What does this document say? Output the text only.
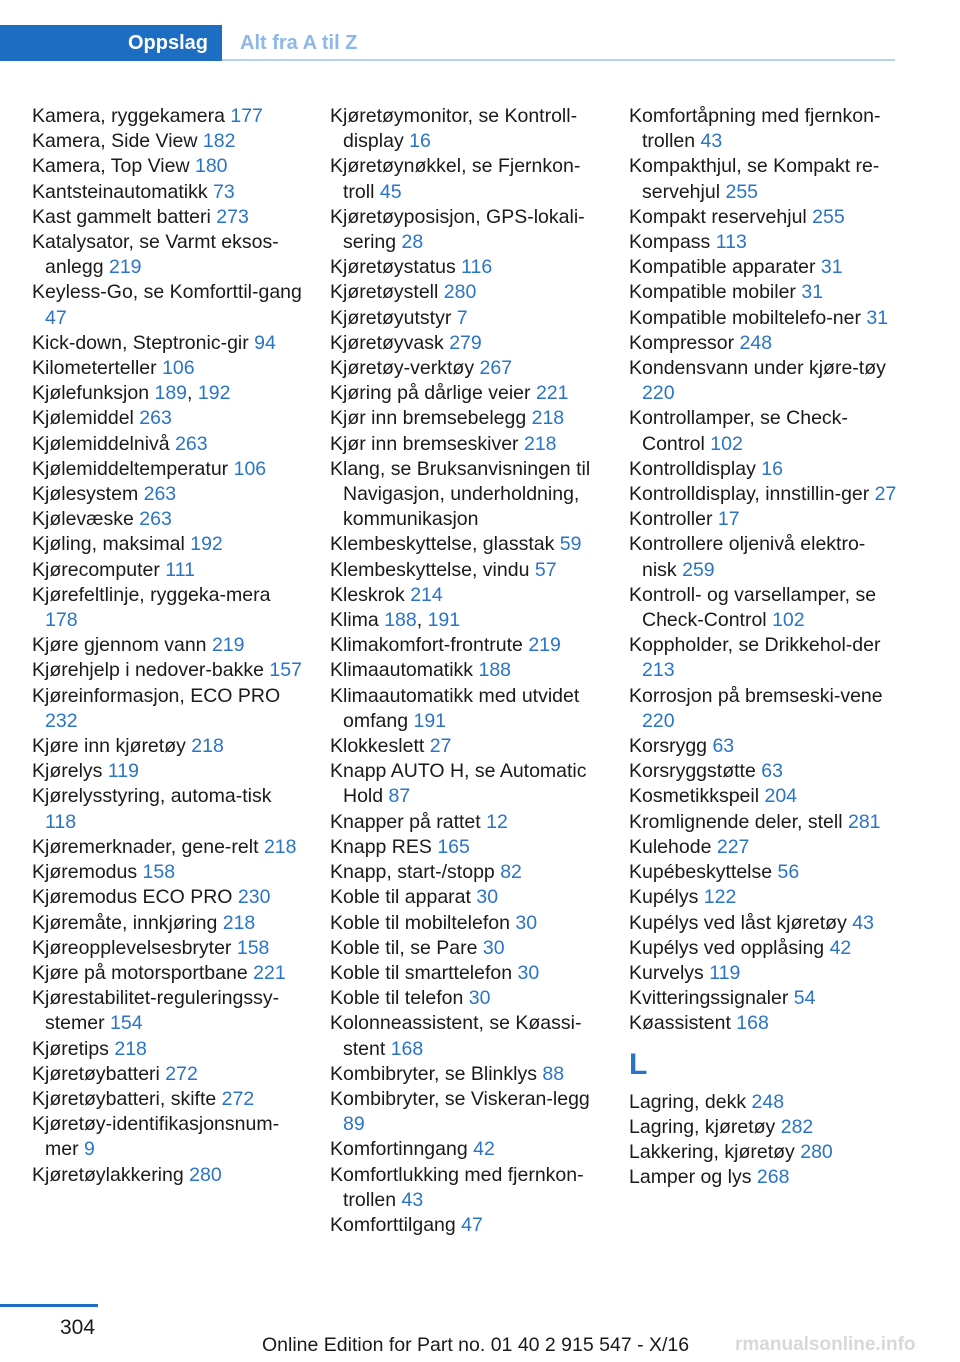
Oppslag	Alt fra A til Z
Kamera, ryggekamera 177
Kamera, Side View 182
Kamera, Top View 180
Kantsteinautomatikk 73
Kast gammelt batteri 273
Katalysator, se Varmt eksos-anlegg 219
Keyless-Go, se Komforttil-gang 47
Kick-down, Steptronic-gir 94
Kilometerteller 106
Kjølefunksjon 189, 192
Kjølemiddel 263
Kjølemiddelnivå 263
Kjølemiddeltemperatur 106
Kjølesystem 263
Kjølevæske 263
Kjøling, maksimal 192
Kjørecomputer 111
Kjørefeltlinje, ryggeka-mera 178
Kjøre gjennom vann 219
Kjørehjelp i nedover-bakke 157
Kjøreinformasjon, ECO PRO 232
Kjøre inn kjøretøy 218
Kjørelys 119
Kjørelysstyring, automa-tisk 118
Kjøremerknader, gene-relt 218
Kjøremodus 158
Kjøremodus ECO PRO 230
Kjøremåte, innkjøring 218
Kjøreopplevelsesbryter 158
Kjøre på motorsportbane 221
Kjørestabilitet-reguleringssy-stemer 154
Kjøretips 218
Kjøretøybatteri 272
Kjøretøybatteri, skifte 272
Kjøretøy-identifikasjonsnum-mer 9
Kjøretøylakkering 280
Kjøretøymonitor, se Kontroll-display 16
Kjøretøynøkkel, se Fjernkon-troll 45
Kjøretøyposisjon, GPS-lokali-sering 28
Kjøretøystatus 116
Kjøretøystell 280
Kjøretøyutstyr 7
Kjøretøyvask 279
Kjøretøy-verktøy 267
Kjøring på dårlige veier 221
Kjør inn bremsebelegg 218
Kjør inn bremseskiver 218
Klang, se Bruksanvisningen til Navigasjon, underholdning, kommunikasjon
Klembeskyttelse, glasstak 59
Klembeskyttelse, vindu 57
Kleskrok 214
Klima 188, 191
Klimakomfort-frontrute 219
Klimaautomatikk 188
Klimaautomatikk med utvidet omfang 191
Klokkeslett 27
Knapp AUTO H, se Automatic Hold 87
Knapper på rattet 12
Knapp RES 165
Knapp, start-/stopp 82
Koble til apparat 30
Koble til mobiltelefon 30
Koble til, se Pare 30
Koble til smarttelefon 30
Koble til telefon 30
Kolonneassistent, se Køassi-stent 168
Kombibryter, se Blinklys 88
Kombibryter, se Viskeran-legg 89
Komfortinngang 42
Komfortlukking med fjernkon-trollen 43
Komforttilgang 47
Komfortåpning med fjernkon-trollen 43
Kompakthjul, se Kompakt re-servehjul 255
Kompakt reservehjul 255
Kompass 113
Kompatible apparater 31
Kompatible mobiler 31
Kompatible mobiltelefo-ner 31
Kompressor 248
Kondensvann under kjøre-tøy 220
Kontrollamper, se Check-Control 102
Kontrolldisplay 16
Kontrolldisplay, innstillin-ger 27
Kontroller 17
Kontrollere oljenivå elektro-nisk 259
Kontroll- og varsellamper, se Check-Control 102
Koppholder, se Drikkehol-der 213
Korrosjon på bremseski-vene 220
Korsrygg 63
Korsryggstøtte 63
Kosmetikkspeil 204
Kromlignende deler, stell 281
Kulehode 227
Kupébeskyttelse 56
Kupélys 122
Kupélys ved låst kjøretøy 43
Kupélys ved opplåsing 42
Kurvelys 119
Kvitteringssignaler 54
Køassistent 168
L
Lagring, dekk 248
Lagring, kjøretøy 282
Lakkering, kjøretøy 280
Lamper og lys 268
304
Online Edition for Part no. 01 40 2 915 547 - X/16 rmanualsonline.info
